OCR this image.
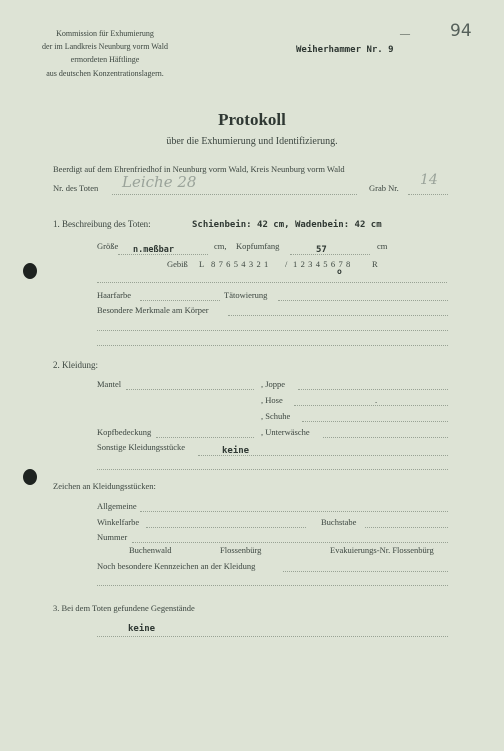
Kommission für Exhumierung
der im Landkreis Neunburg vorm Wald
ermordeten Häftlinge
aus deutschen Konzentrationslagern.
Weiherhammer Nr. 9
— 94
Protokoll
über die Exhumierung und Identifizierung.
Beerdigt auf dem Ehrenfriedhof in Neunburg vorm Wald, Kreis Neunburg vorm Wald
Nr. des Toten Leiche 28	Grab Nr. 14
1. Beschreibung des Toten:	Schienbein: 42 cm, Wadenbein: 42 cm
Größe n.meßbar	cm, Kopfumfang	57	cm
Gebiß L 8 7 6 5 4 3 2 1 / 1 2 3 4 5 6 7 8 R
o
Haarfarbe	Tätowierung
Besondere Merkmale am Körper
2. Kleidung:
Mantel	, Joppe
, Hose	.
, Schuhe
Kopfbedeckung	, Unterwäsche
Sonstige Kleidungsstücke	keine
Zeichen an Kleidungsstücken:
Allgemeine
Winkelfarbe	Buchstabe
Nummer
Buchenwald	Flossenbürg	Evakuierungs-Nr. Flossenbürg
Noch besondere Kennzeichen an der Kleidung
3. Bei dem Toten gefundene Gegenstände
keine
